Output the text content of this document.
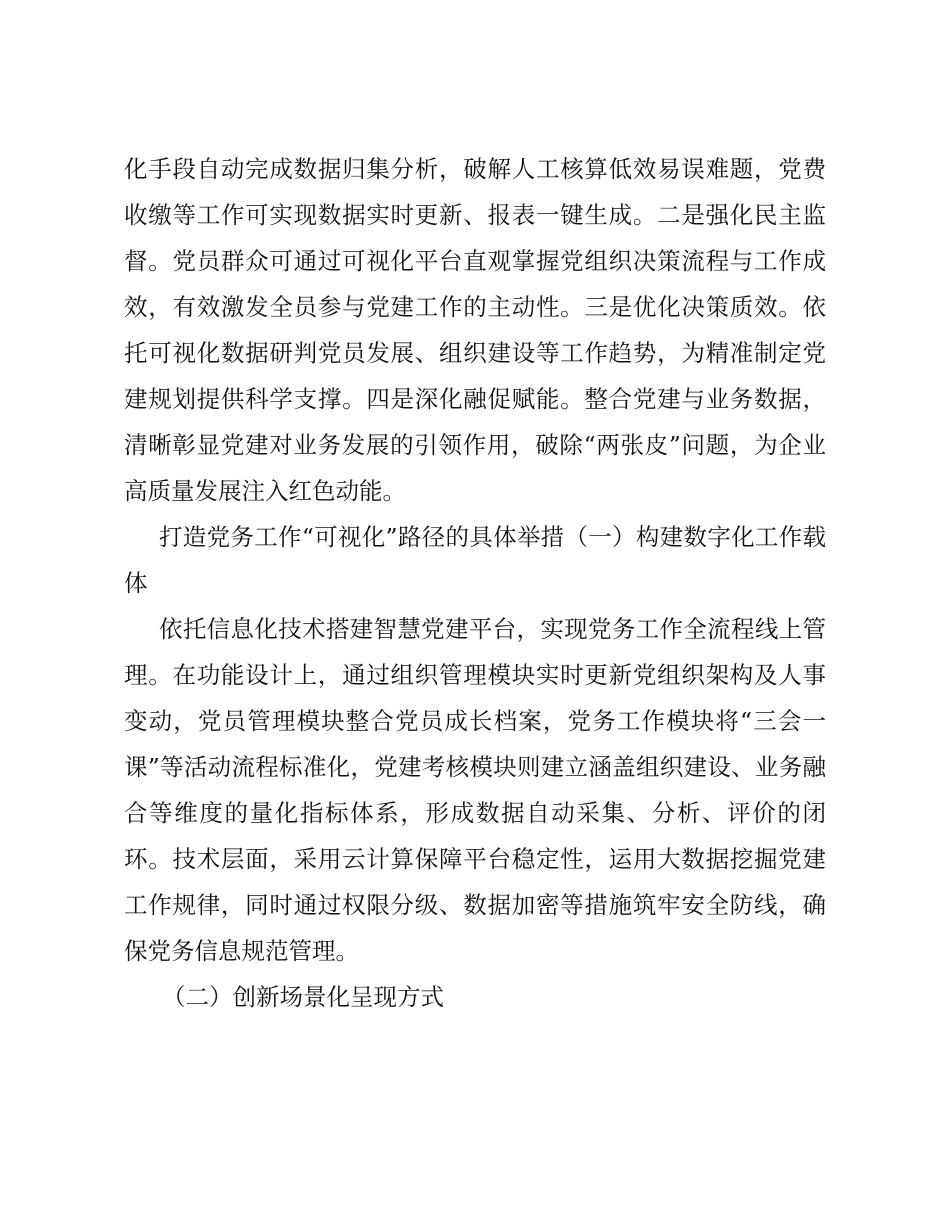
化手段自动完成数据归集分析，破解人工核算低效易误难题，党费收缴等工作可实现数据实时更新、报表一键生成。二是强化民主监督。党员群众可通过可视化平台直观掌握党组织决策流程与工作成效，有效激发全员参与党建工作的主动性。三是优化决策质效。依托可视化数据研判党员发展、组织建设等工作趋势，为精准制定党建规划提供科学支撑。四是深化融促赋能。整合党建与业务数据，清晰彰显党建对业务发展的引领作用，破除“两张皮”问题，为企业高质量发展注入红色动能。

打造党务工作“可视化”路径的具体举措（一）构建数字化工作载体

依托信息化技术搭建智慧党建平台，实现党务工作全流程线上管理。在功能设计上，通过组织管理模块实时更新党组织架构及人事变动，党员管理模块整合党员成长档案，党务工作模块将“三会一课”等活动流程标准化，党建考核模块则建立涵盖组织建设、业务融合等维度的量化指标体系，形成数据自动采集、分析、评价的闭环。技术层面，采用云计算保障平台稳定性，运用大数据挖掘党建工作规律，同时通过权限分级、数据加密等措施筑牢安全防线，确保党务信息规范管理。

（二）创新场景化呈现方式
